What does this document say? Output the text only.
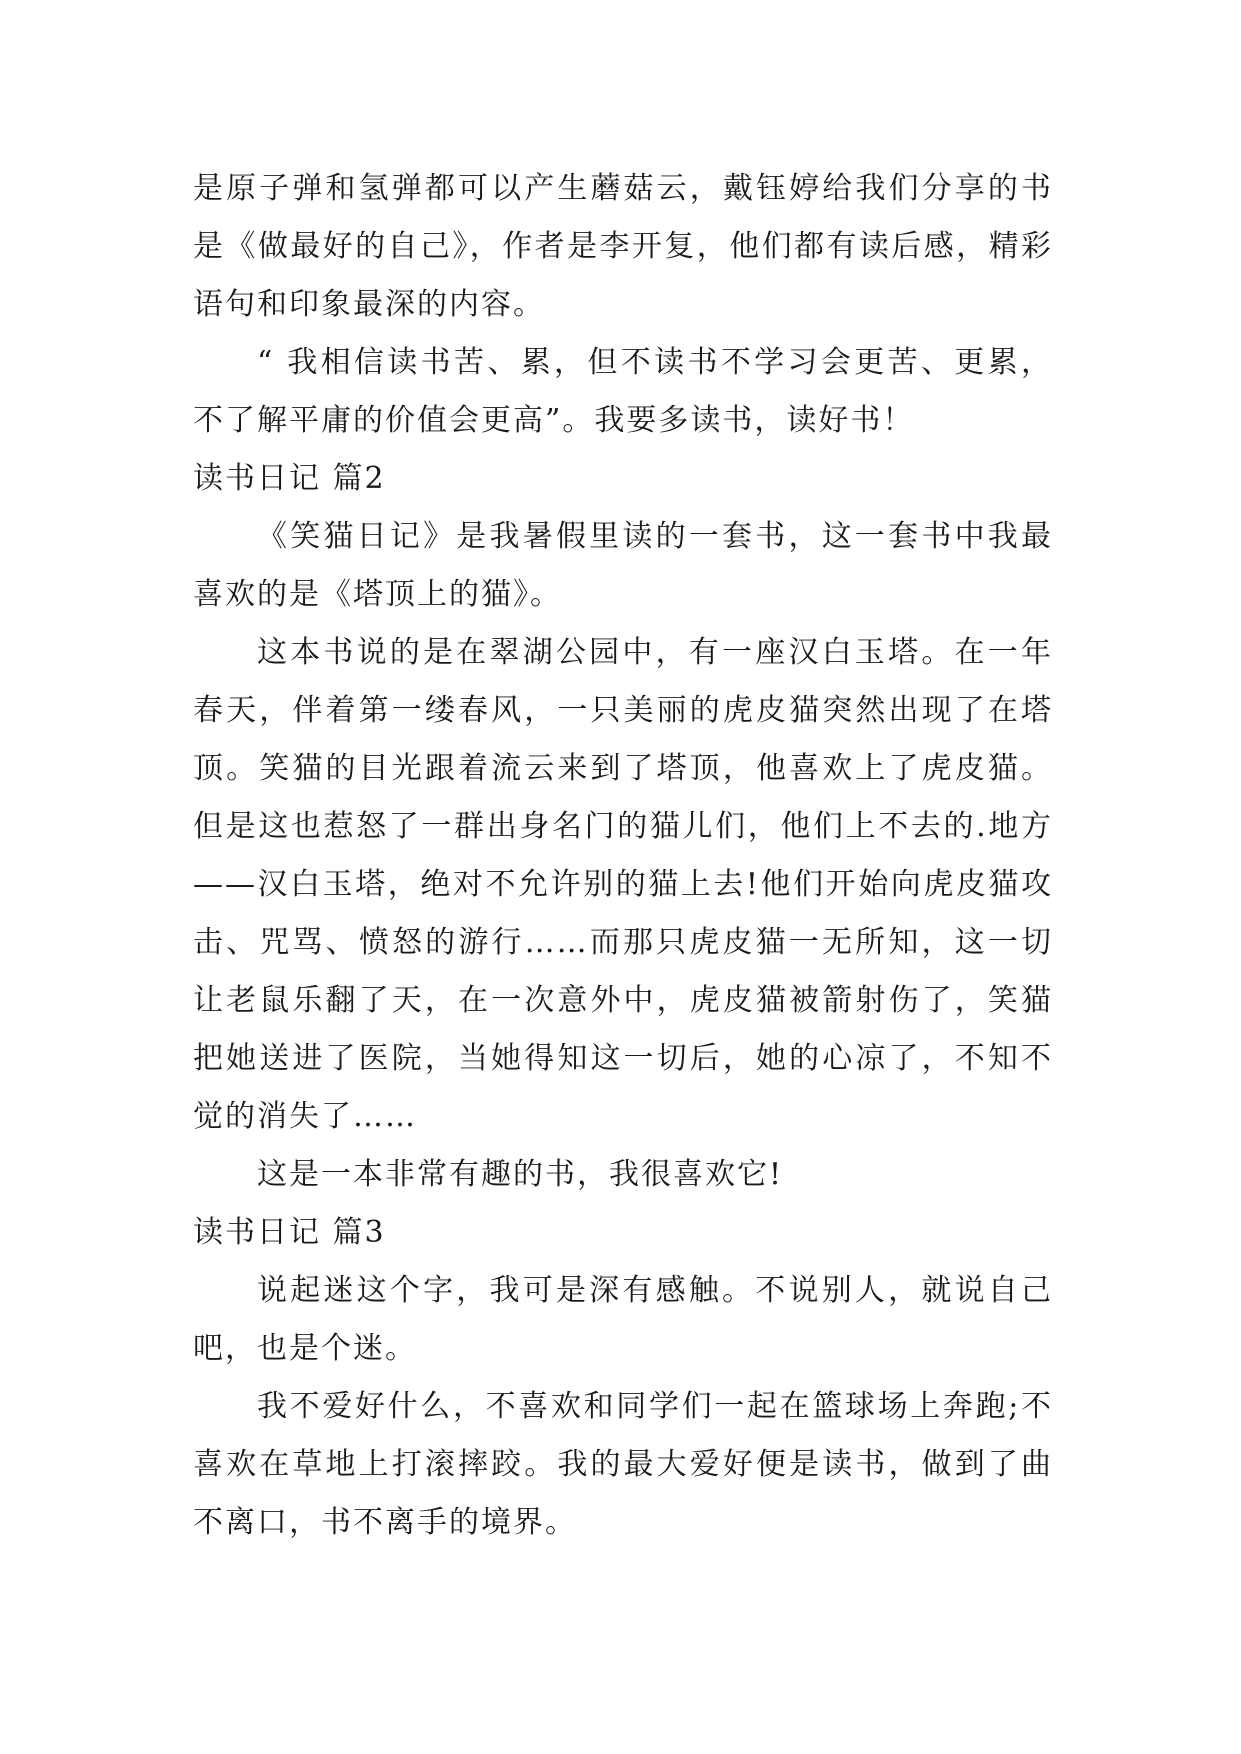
是原子弹和氢弹都可以产生蘑菇云，戴钰婷给我们分享的书是《做最好的自己》，作者是李开复，他们都有读后感，精彩语句和印象最深的内容。

“ 我相信读书苦、累，但不读书不学习会更苦、更累，不了解平庸的价值会更高”。我要多读书，读好书！

读书日记 篇2

《笑猫日记》是我暑假里读的一套书，这一套书中我最喜欢的是《塔顶上的猫》。

这本书说的是在翠湖公园中，有一座汉白玉塔。在一年春天，伴着第一缕春风，一只美丽的虎皮猫突然出现了在塔顶。笑猫的目光跟着流云来到了塔顶，他喜欢上了虎皮猫。但是这也惹怒了一群出身名门的猫儿们，他们上不去的.地方——汉白玉塔，绝对不允许别的猫上去!他们开始向虎皮猫攻击、咒骂、愤怒的游行……而那只虎皮猫一无所知，这一切让老鼠乐翻了天，在一次意外中，虎皮猫被箭射伤了，笑猫把她送进了医院，当她得知这一切后，她的心凉了，不知不觉的消失了……

这是一本非常有趣的书，我很喜欢它!

读书日记 篇3

说起迷这个字，我可是深有感触。不说别人，就说自己吧，也是个迷。

我不爱好什么，不喜欢和同学们一起在篮球场上奔跑;不喜欢在草地上打滚摔跤。我的最大爱好便是读书，做到了曲不离口，书不离手的境界。
